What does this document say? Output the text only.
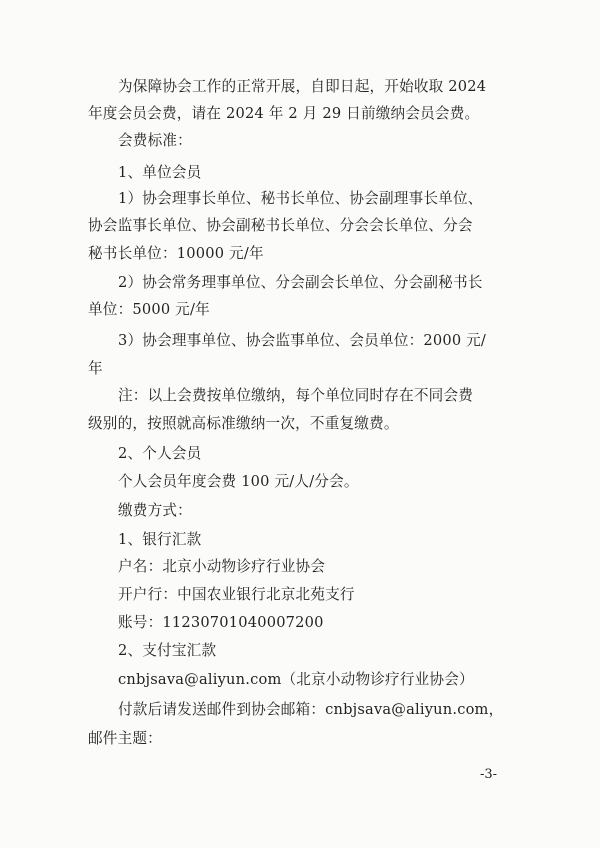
为保障协会工作的正常开展，自即日起，开始收取 2024
年度会员会费，请在 2024 年 2 月 29 日前缴纳会员会费。
会费标准：
1、单位会员
1）协会理事长单位、秘书长单位、协会副理事长单位、
协会监事长单位、协会副秘书长单位、分会会长单位、分会
秘书长单位：10000 元/年
2）协会常务理事单位、分会副会长单位、分会副秘书长
单位：5000 元/年
3）协会理事单位、协会监事单位、会员单位：2000 元/
年
注：以上会费按单位缴纳，每个单位同时存在不同会费
级别的，按照就高标准缴纳一次，不重复缴费。
2、个人会员
个人会员年度会费 100 元/人/分会。
缴费方式：
1、银行汇款
户名：北京小动物诊疗行业协会
开户行：中国农业银行北京北苑支行
账号：11230701040007200
2、支付宝汇款
cnbjsava@aliyun.com（北京小动物诊疗行业协会）
付款后请发送邮件到协会邮箱：cnbjsava@aliyun.com，
邮件主题：
-3-
